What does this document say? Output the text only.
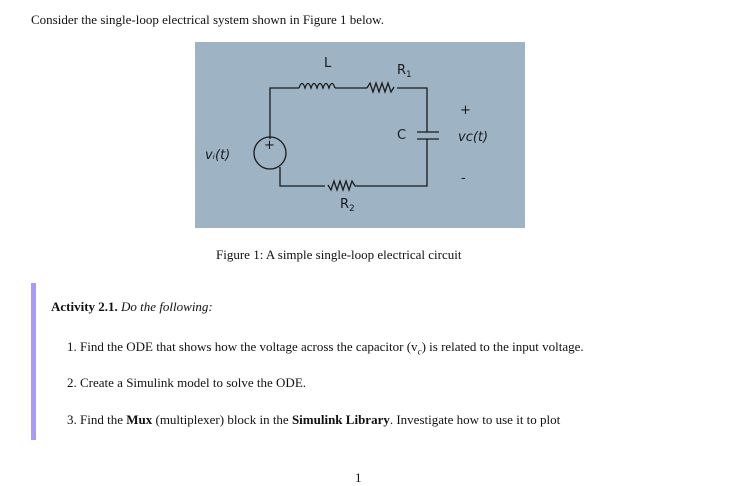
Consider the single-loop electrical system shown in Figure 1 below.
L	$R_1$
$R_2$
C
vᵢ(t)
+
vᴄ(t)
+
-
Figure 1: A simple single-loop electrical circuit
Activity 2.1. Do the following:
1. Find the ODE that shows how the voltage across the capacitor $(v_c)$ is related to the input voltage.
2. Create a Simulink model to solve the ODE.
3. Find the Mux (multiplexer) block in the Simulink Library. Investigate how to use it to plot
1
